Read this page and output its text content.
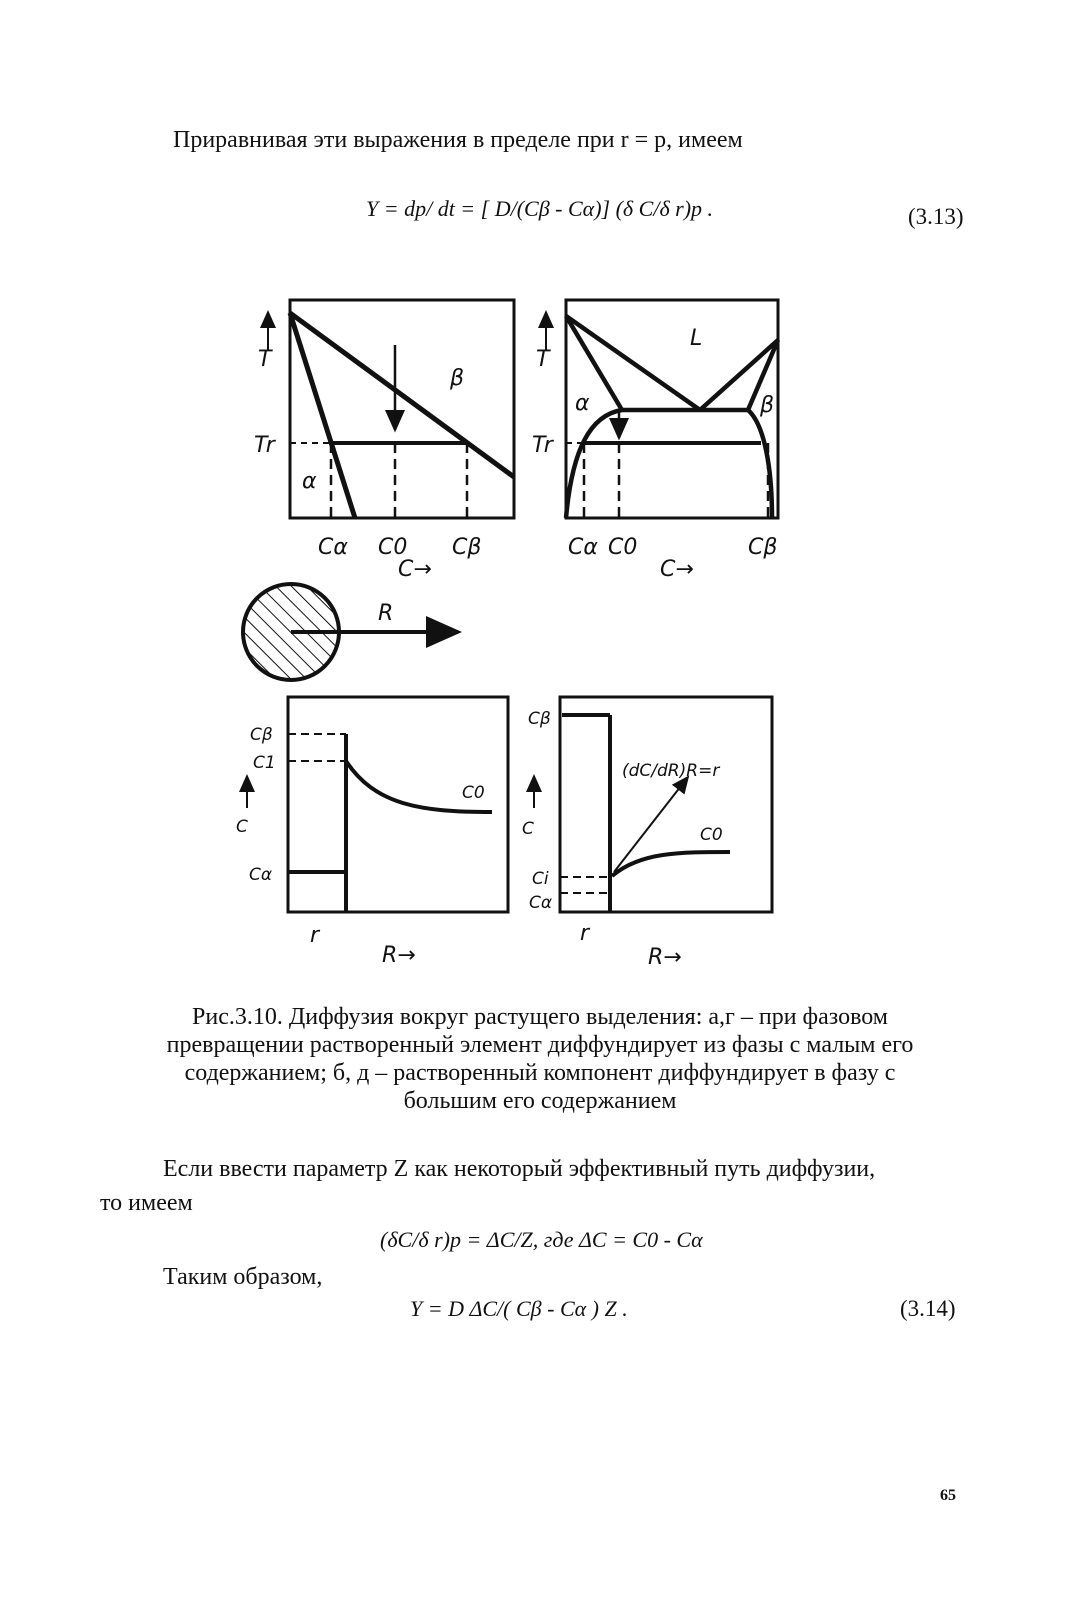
Приравнивая эти выражения в пределе при r = p, имеем
Y = dp/ dt = [ D/(Cβ - Cα)] (δ C/δ r)p .	(3.13)
T
Tr
α
β
Cα C0 Cβ
C→
T
Tr
L
α	β
Cα C0	Cβ
C→
R
Cβ
C1
C
Cα
C0
r
R→
Cβ
C
Ci
Cα
(dC/dR)R=r
C0
r
R→
Рис.3.10. Диффузия вокруг растущего выделения: а,г – при фазовом
превращении растворенный элемент диффундирует из фазы с малым его
содержанием; б, д – растворенный компонент диффундирует в фазу с
большим его содержанием
Если ввести параметр Z как некоторый эффективный путь диффузии,
то имеем
(δC/δ r)p = ΔC/Z, где ΔC = C0 - Cα
Таким образом,
Y = D ΔC/( Cβ - Cα ) Z .	(3.14)
65
